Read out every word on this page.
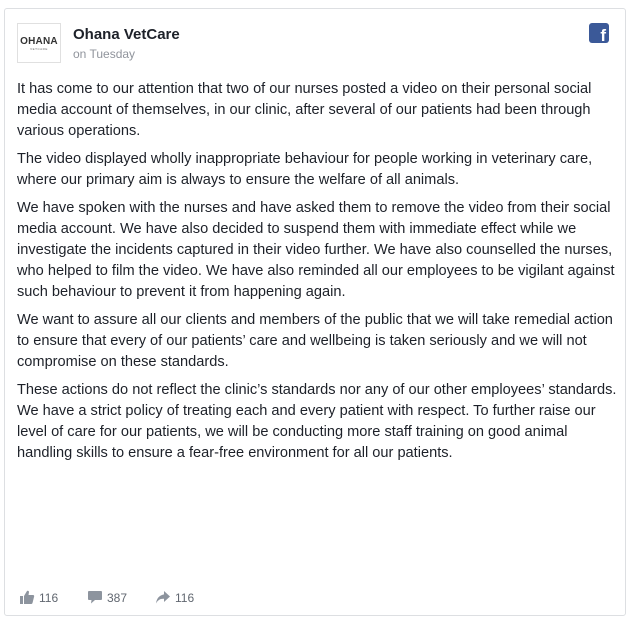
OHANA
VETCARE
Ohana VetCare
on Tuesday
f

It has come to our attention that two of our nurses posted a video on their personal social media account of themselves, in our clinic, after several of our patients had been through various operations.

The video displayed wholly inappropriate behaviour for people working in veterinary care, where our primary aim is always to ensure the welfare of all animals.

We have spoken with the nurses and have asked them to remove the video from their social media account. We have also decided to suspend them with immediate effect while we investigate the incidents captured in their video further. We have also counselled the nurses, who helped to film the video. We have also reminded all our employees to be vigilant against such behaviour to prevent it from happening again.

We want to assure all our clients and members of the public that we will take remedial action to ensure that every of our patients’ care and wellbeing is taken seriously and we will not compromise on these standards.

These actions do not reflect the clinic’s standards nor any of our other employees’ standards. We have a strict policy of treating each and every patient with respect. To further raise our level of care for our patients, we will be conducting more staff training on good animal handling skills to ensure a fear-free environment for all our patients.

116	387	116
